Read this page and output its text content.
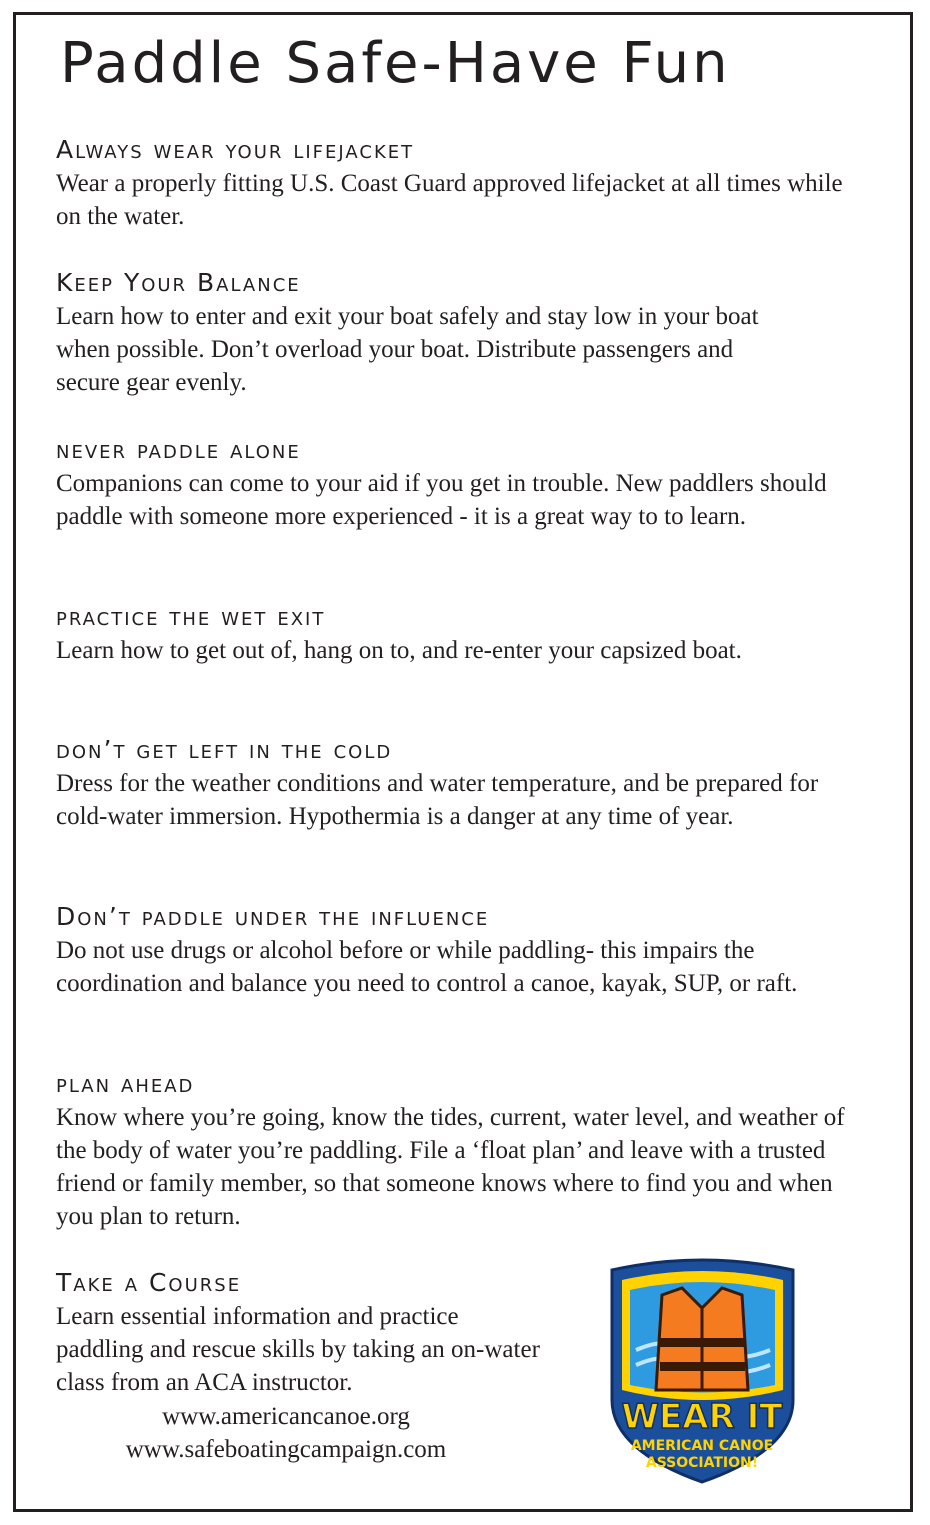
Paddle Safe-Have Fun
Always wear your lifejacket

Wear a properly fitting U.S. Coast Guard approved lifejacket at all times while on the water.

Keep Your Balance

Learn how to enter and exit your boat safely and stay low in your boat when possible. Don’t overload your boat. Distribute passengers and secure gear evenly.

never paddle alone

Companions can come to your aid if you get in trouble. New paddlers should paddle with someone more experienced - it is a great way to to learn.

practice the wet exit

Learn how to get out of, hang on to, and re-enter your capsized boat.

don’t get left in the cold

Dress for the weather conditions and water temperature, and be prepared for cold-water immersion. Hypothermia is a danger at any time of year.

Don’t paddle under the influence

Do not use drugs or alcohol before or while paddling- this impairs the coordination and balance you need to control a canoe, kayak, SUP, or raft.

plan ahead

Know where you’re going, know the tides, current, water level, and weather of the body of water you’re paddling. File a ‘float plan’ and leave with a trusted friend or family member, so that someone knows where to find you and when you plan to return.

Take a Course

Learn essential information and practice paddling and rescue skills by taking an on-water class from an ACA instructor.

www.americancanoe.org
www.safeboatingcampaign.com
WEAR IT
AMERICAN CANOE
ASSOCIATION!
